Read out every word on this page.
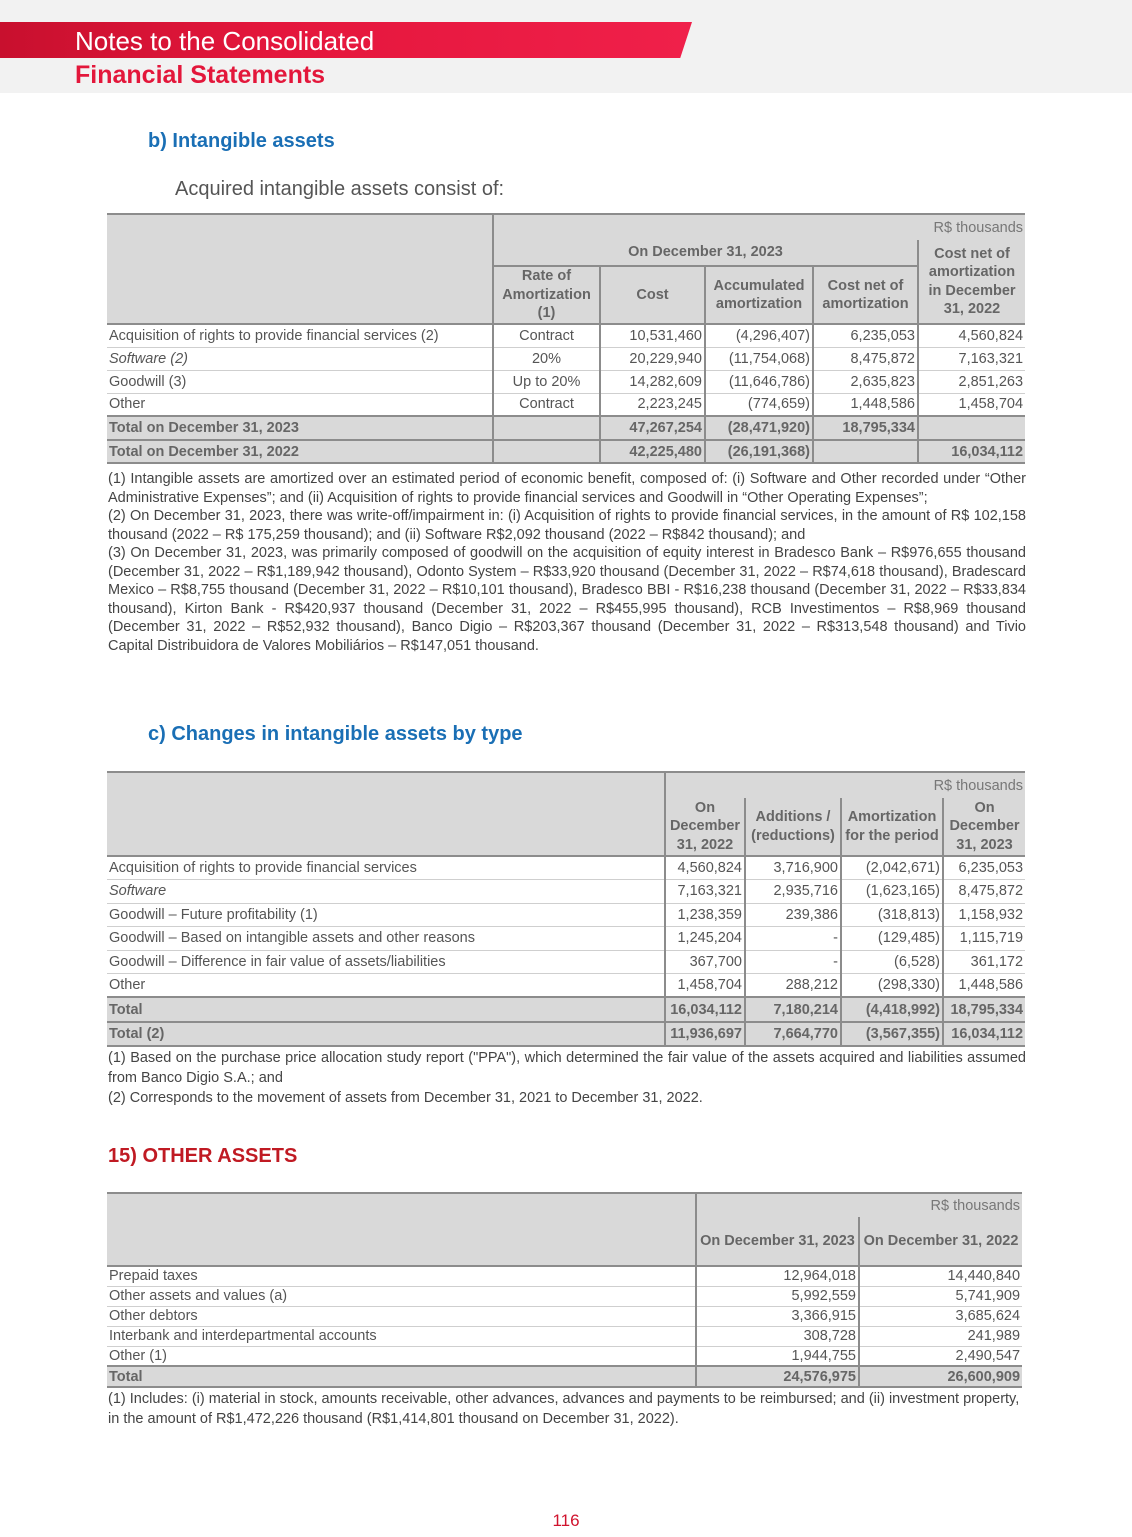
Notes to the Consolidated
Financial Statements
b) Intangible assets
Acquired intangible assets consist of:
	R$ thousands				
	On December 31, 2023				Cost net of amortization in December 31, 2022
	Rate of Amortization (1)	Cost	Accumulated amortization	Cost net of amortization	
Acquisition of rights to provide financial services (2)	Contract	10,531,460	(4,296,407)	6,235,053	4,560,824
Software (2)	20%	20,229,940	(11,754,068)	8,475,872	7,163,321
Goodwill (3)	Up to 20%	14,282,609	(11,646,786)	2,635,823	2,851,263
Other	Contract	2,223,245	(774,659)	1,448,586	1,458,704
Total on December 31, 2023		47,267,254	(28,471,920)	18,795,334	
Total on December 31, 2022		42,225,480	(26,191,368)		16,034,112
(1) Intangible assets are amortized over an estimated period of economic benefit, composed of: (i) Software and Other recorded under “Other Administrative Expenses”; and (ii) Acquisition of rights to provide financial services and Goodwill in “Other Operating Expenses”;
(2) On December 31, 2023, there was write-off/impairment in: (i) Acquisition of rights to provide financial services, in the amount of R$ 102,158 thousand (2022 – R$ 175,259 thousand); and (ii) Software R$2,092 thousand (2022 – R$842 thousand); and
(3) On December 31, 2023, was primarily composed of goodwill on the acquisition of equity interest in Bradesco Bank – R$976,655 thousand (December 31, 2022 – R$1,189,942 thousand), Odonto System – R$33,920 thousand (December 31, 2022 – R$74,618 thousand), Bradescard Mexico – R$8,755 thousand (December 31, 2022 – R$10,101 thousand), Bradesco BBI - R$16,238 thousand (December 31, 2022 – R$33,834 thousand), Kirton Bank - R$420,937 thousand (December 31, 2022 – R$455,995 thousand), RCB Investimentos – R$8,969 thousand (December 31, 2022 – R$52,932 thousand), Banco Digio – R$203,367 thousand (December 31, 2022 – R$313,548 thousand) and Tivio Capital Distribuidora de Valores Mobiliários – R$147,051 thousand.
c) Changes in intangible assets by type
	R$ thousands			
	On December 31, 2022	Additions / (reductions)	Amortization for the period	On December 31, 2023
Acquisition of rights to provide financial services	4,560,824	3,716,900	(2,042,671)	6,235,053
Software	7,163,321	2,935,716	(1,623,165)	8,475,872
Goodwill – Future profitability (1)	1,238,359	239,386	(318,813)	1,158,932
Goodwill – Based on intangible assets and other reasons	1,245,204	-	(129,485)	1,115,719
Goodwill – Difference in fair value of assets/liabilities	367,700	-	(6,528)	361,172
Other	1,458,704	288,212	(298,330)	1,448,586
Total	16,034,112	7,180,214	(4,418,992)	18,795,334
Total (2)	11,936,697	7,664,770	(3,567,355)	16,034,112
(1) Based on the purchase price allocation study report ("PPA"), which determined the fair value of the assets acquired and liabilities assumed from Banco Digio S.A.; and
(2) Corresponds to the movement of assets from December 31, 2021 to December 31, 2022.
15) OTHER ASSETS
	R$ thousands	
	On December 31, 2023	On December 31, 2022
Prepaid taxes	12,964,018	14,440,840
Other assets and values (a)	5,992,559	5,741,909
Other debtors	3,366,915	3,685,624
Interbank and interdepartmental accounts	308,728	241,989
Other (1)	1,944,755	2,490,547
Total	24,576,975	26,600,909
(1) Includes: (i) material in stock, amounts receivable, other advances, advances and payments to be reimbursed; and (ii) investment property, in the amount of R$1,472,226 thousand (R$1,414,801 thousand on December 31, 2022).
116
